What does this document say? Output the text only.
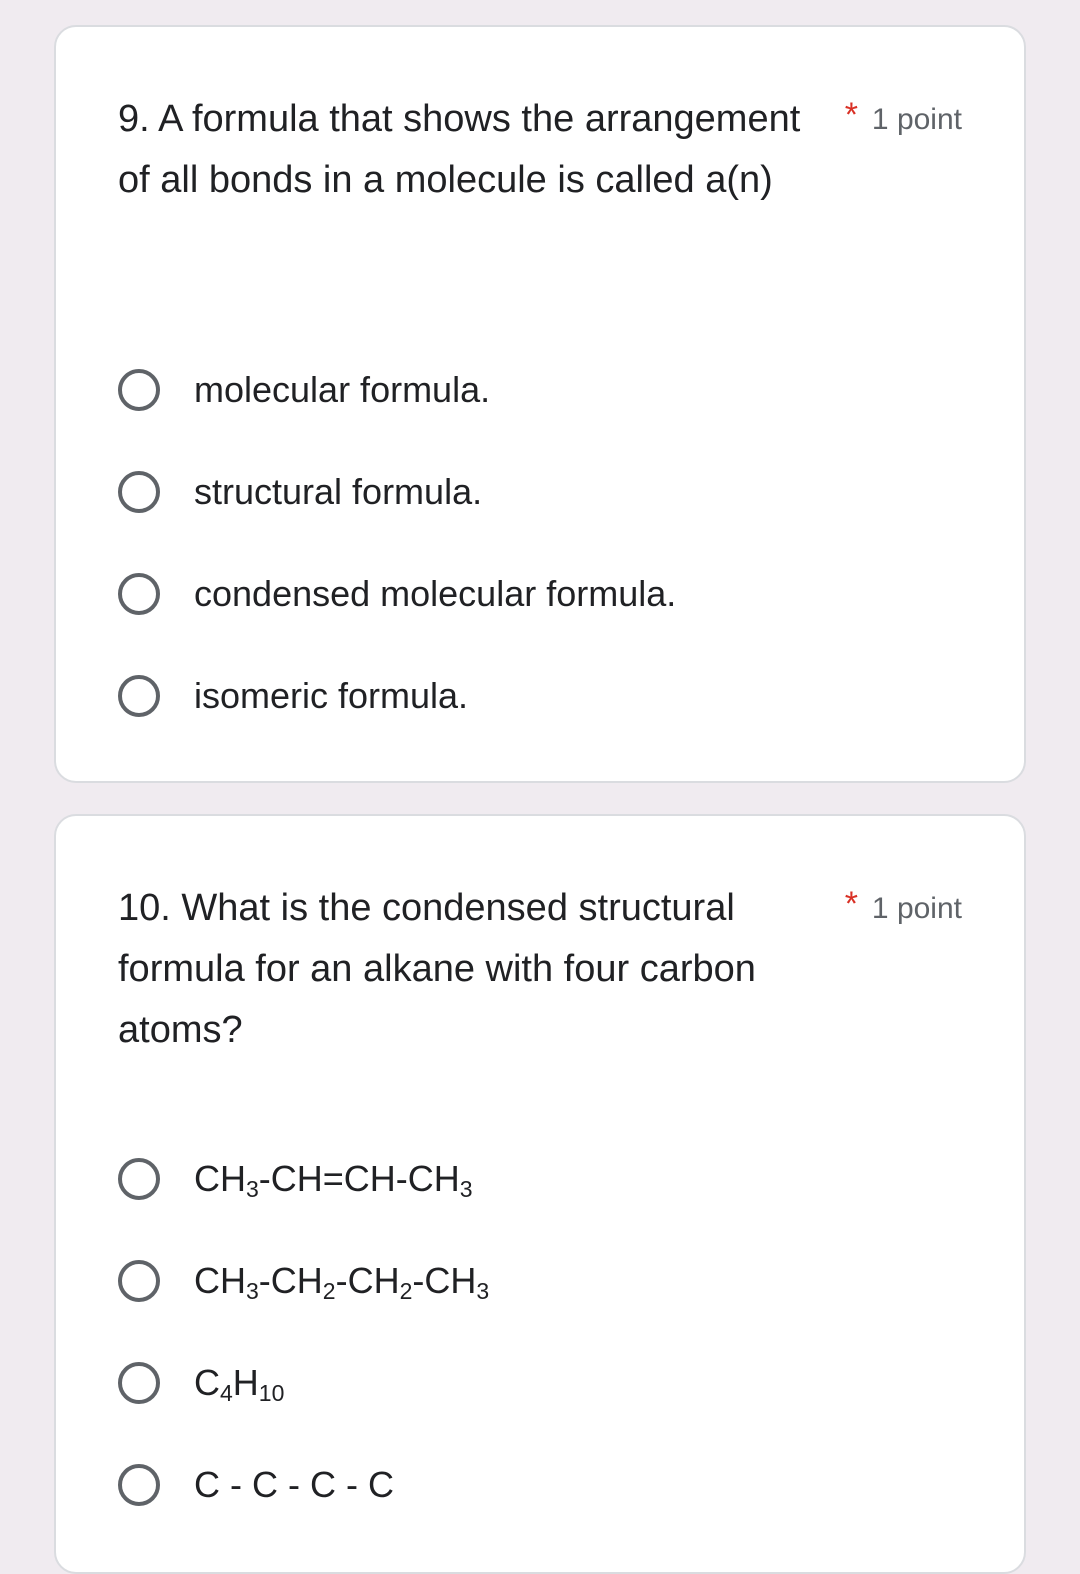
9. A formula that shows the arrangement of all bonds in a molecule is called a(n)
* 1 point
molecular formula.
structural formula.
condensed molecular formula.
isomeric formula.
10. What is the condensed structural formula for an alkane with four carbon atoms?
* 1 point
$CH_3$ $-CH=CH-CH_3$
$CH_3$ $-CH_2$ $-CH_2$ $-CH_3$
$C_4$ $H_{10}$
C - C - C - C
